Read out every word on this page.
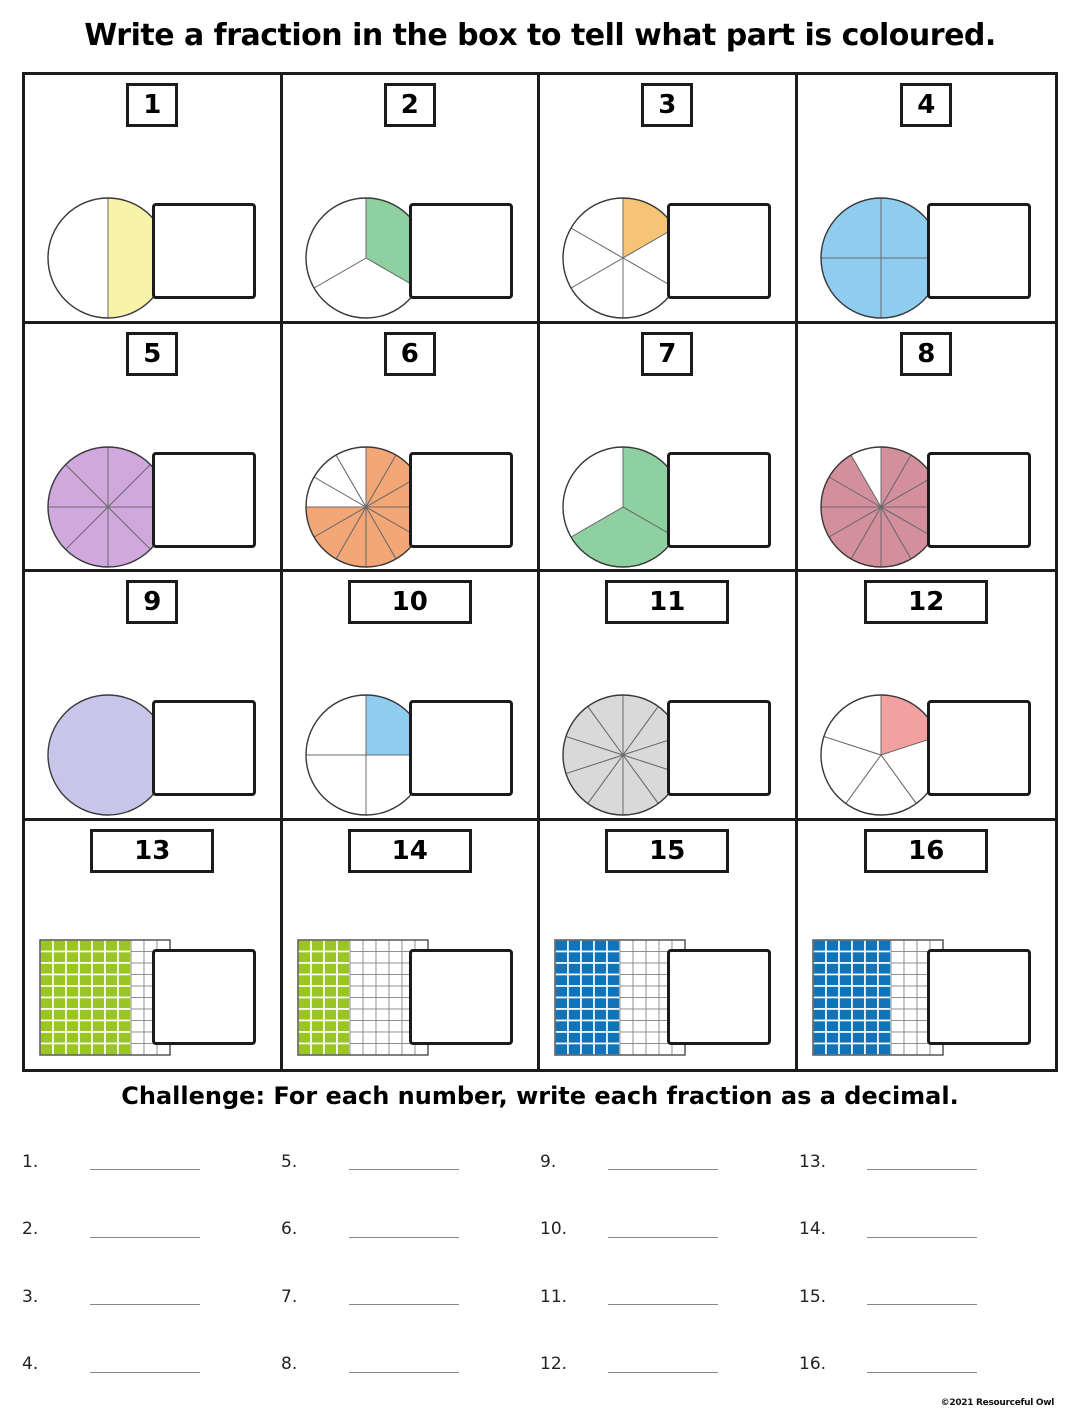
Write a fraction in the box to tell what part is coloured.
1	2	3	4
5	6	7	8
9	10	11	12
13	14	15	16
Challenge: For each number, write each fraction as a decimal.
1.	5.	9.	13.
2.	6.	10.	14.
3.	7.	11.	15.
4.	8.	12.	16.
©2021 Resourceful Owl
